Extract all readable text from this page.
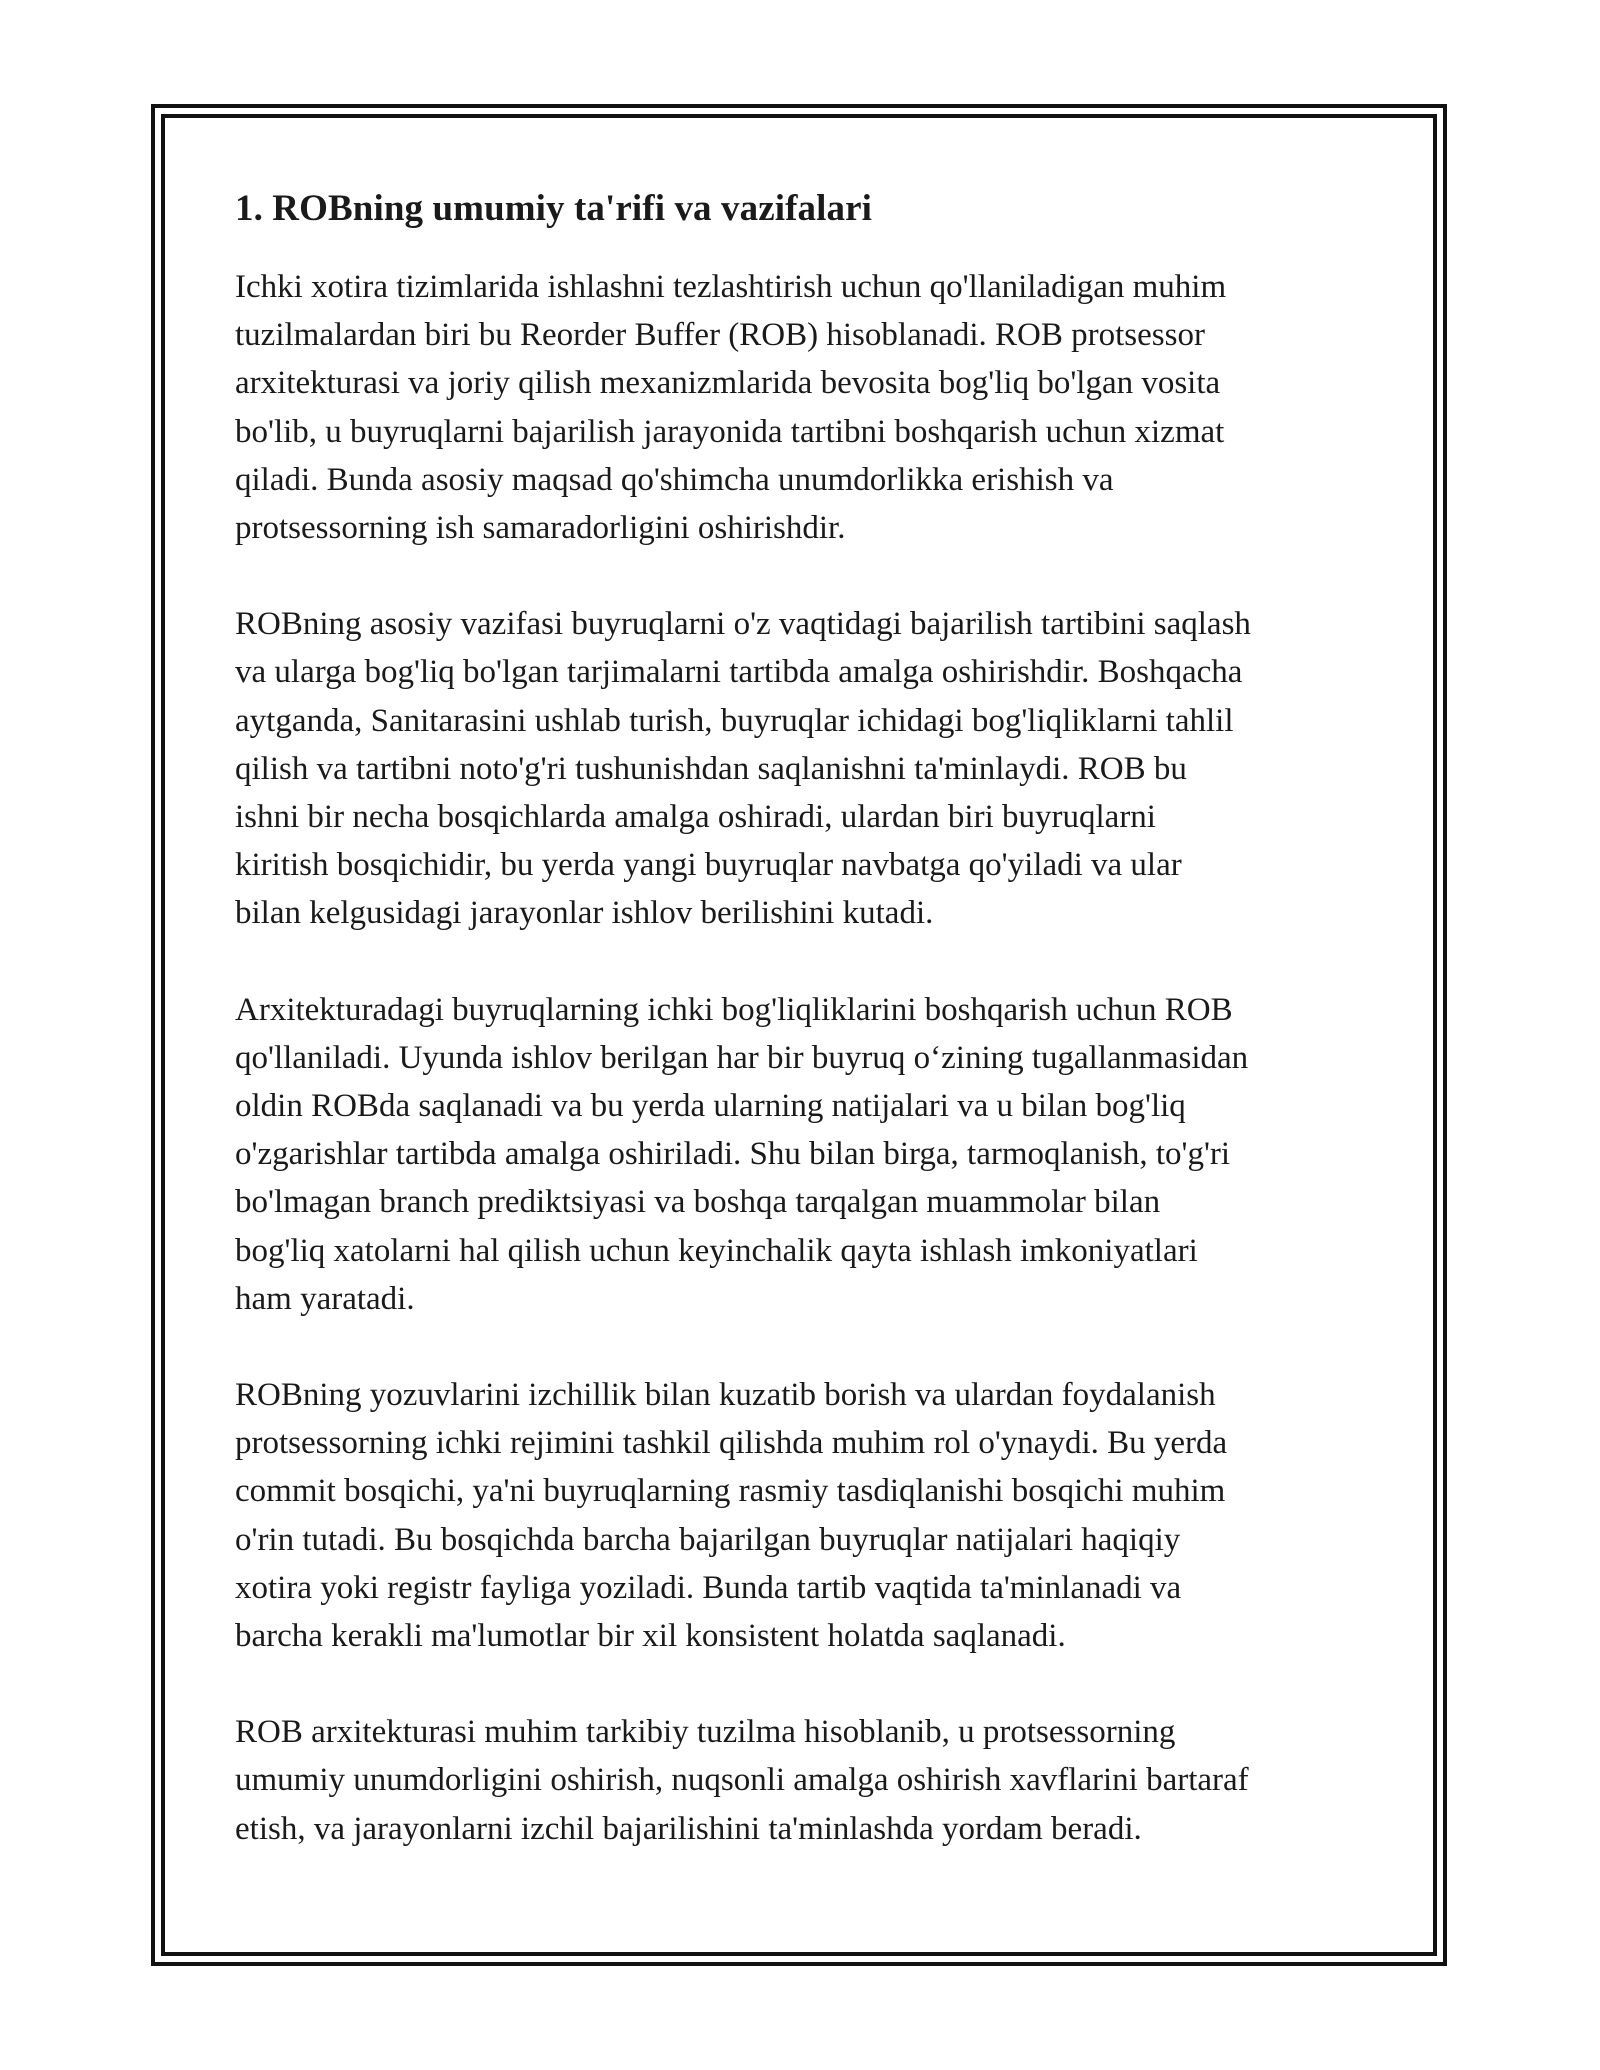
1. ROBning umumiy ta'rifi va vazifalari

Ichki xotira tizimlarida ishlashni tezlashtirish uchun qo'llaniladigan muhim
tuzilmalardan biri bu Reorder Buffer (ROB) hisoblanadi. ROB protsessor
arxitekturasi va joriy qilish mexanizmlarida bevosita bog'liq bo'lgan vosita
bo'lib, u buyruqlarni bajarilish jarayonida tartibni boshqarish uchun xizmat
qiladi. Bunda asosiy maqsad qo'shimcha unumdorlikka erishish va
protsessorning ish samaradorligini oshirishdir.

ROBning asosiy vazifasi buyruqlarni o'z vaqtidagi bajarilish tartibini saqlash
va ularga bog'liq bo'lgan tarjimalarni tartibda amalga oshirishdir. Boshqacha
aytganda, Sanitarasini ushlab turish, buyruqlar ichidagi bog'liqliklarni tahlil
qilish va tartibni noto'g'ri tushunishdan saqlanishni ta'minlaydi. ROB bu
ishni bir necha bosqichlarda amalga oshiradi, ulardan biri buyruqlarni
kiritish bosqichidir, bu yerda yangi buyruqlar navbatga qo'yiladi va ular
bilan kelgusidagi jarayonlar ishlov berilishini kutadi.

Arxitekturadagi buyruqlarning ichki bog'liqliklarini boshqarish uchun ROB
qo'llaniladi. Uyunda ishlov berilgan har bir buyruq o‘zining tugallanmasidan
oldin ROBda saqlanadi va bu yerda ularning natijalari va u bilan bog'liq
o'zgarishlar tartibda amalga oshiriladi. Shu bilan birga, tarmoqlanish, to'g'ri
bo'lmagan branch prediktsiyasi va boshqa tarqalgan muammolar bilan
bog'liq xatolarni hal qilish uchun keyinchalik qayta ishlash imkoniyatlari
ham yaratadi.

ROBning yozuvlarini izchillik bilan kuzatib borish va ulardan foydalanish
protsessorning ichki rejimini tashkil qilishda muhim rol o'ynaydi. Bu yerda
commit bosqichi, ya'ni buyruqlarning rasmiy tasdiqlanishi bosqichi muhim
o'rin tutadi. Bu bosqichda barcha bajarilgan buyruqlar natijalari haqiqiy
xotira yoki registr fayliga yoziladi. Bunda tartib vaqtida ta'minlanadi va
barcha kerakli ma'lumotlar bir xil konsistent holatda saqlanadi.

ROB arxitekturasi muhim tarkibiy tuzilma hisoblanib, u protsessorning
umumiy unumdorligini oshirish, nuqsonli amalga oshirish xavflarini bartaraf
etish, va jarayonlarni izchil bajarilishini ta'minlashda yordam beradi.
